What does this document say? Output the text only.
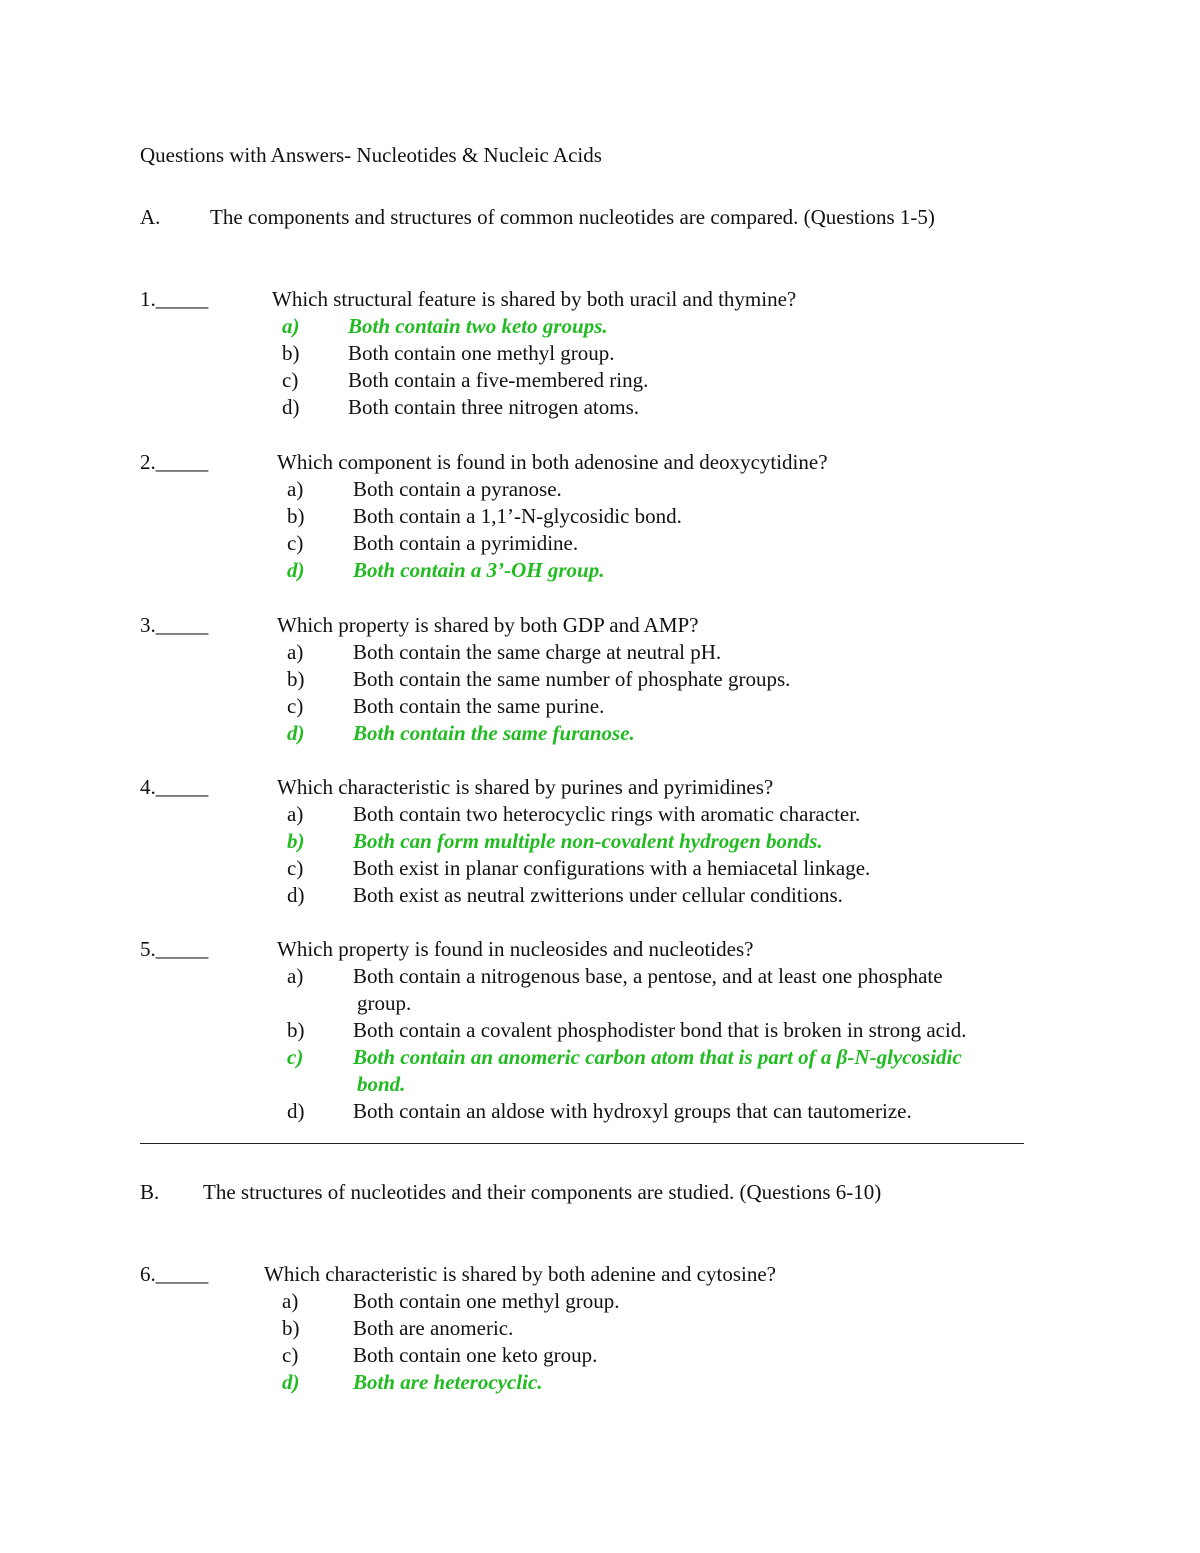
Questions with Answers- Nucleotides & Nucleic Acids
A. The components and structures of common nucleotides are compared. (Questions 1-5)
1._____	Which structural feature is shared by both uracil and thymine?
a) Both contain two keto groups.
b) Both contain one methyl group.
c) Both contain a five-membered ring.
d) Both contain three nitrogen atoms.
2._____	Which component is found in both adenosine and deoxycytidine?
a) Both contain a pyranose.
b) Both contain a 1,1’-N-glycosidic bond.
c) Both contain a pyrimidine.
d) Both contain a 3’-OH group.
3._____	Which property is shared by both GDP and AMP?
a) Both contain the same charge at neutral pH.
b) Both contain the same number of phosphate groups.
c) Both contain the same purine.
d) Both contain the same furanose.
4._____	Which characteristic is shared by purines and pyrimidines?
a) Both contain two heterocyclic rings with aromatic character.
b) Both can form multiple non-covalent hydrogen bonds.
c) Both exist in planar configurations with a hemiacetal linkage.
d) Both exist as neutral zwitterions under cellular conditions.
5._____	Which property is found in nucleosides and nucleotides?
a) Both contain a nitrogenous base, a pentose, and at least one phosphate
group.
b) Both contain a covalent phosphodister bond that is broken in strong acid.
c) Both contain an anomeric carbon atom that is part of a β-N-glycosidic
bond.
d) Both contain an aldose with hydroxyl groups that can tautomerize.
B. The structures of nucleotides and their components are studied. (Questions 6-10)
6._____	Which characteristic is shared by both adenine and cytosine?
a)	Both contain one methyl group.
b)	Both are anomeric.
c)	Both contain one keto group.
d)	Both are heterocyclic.
